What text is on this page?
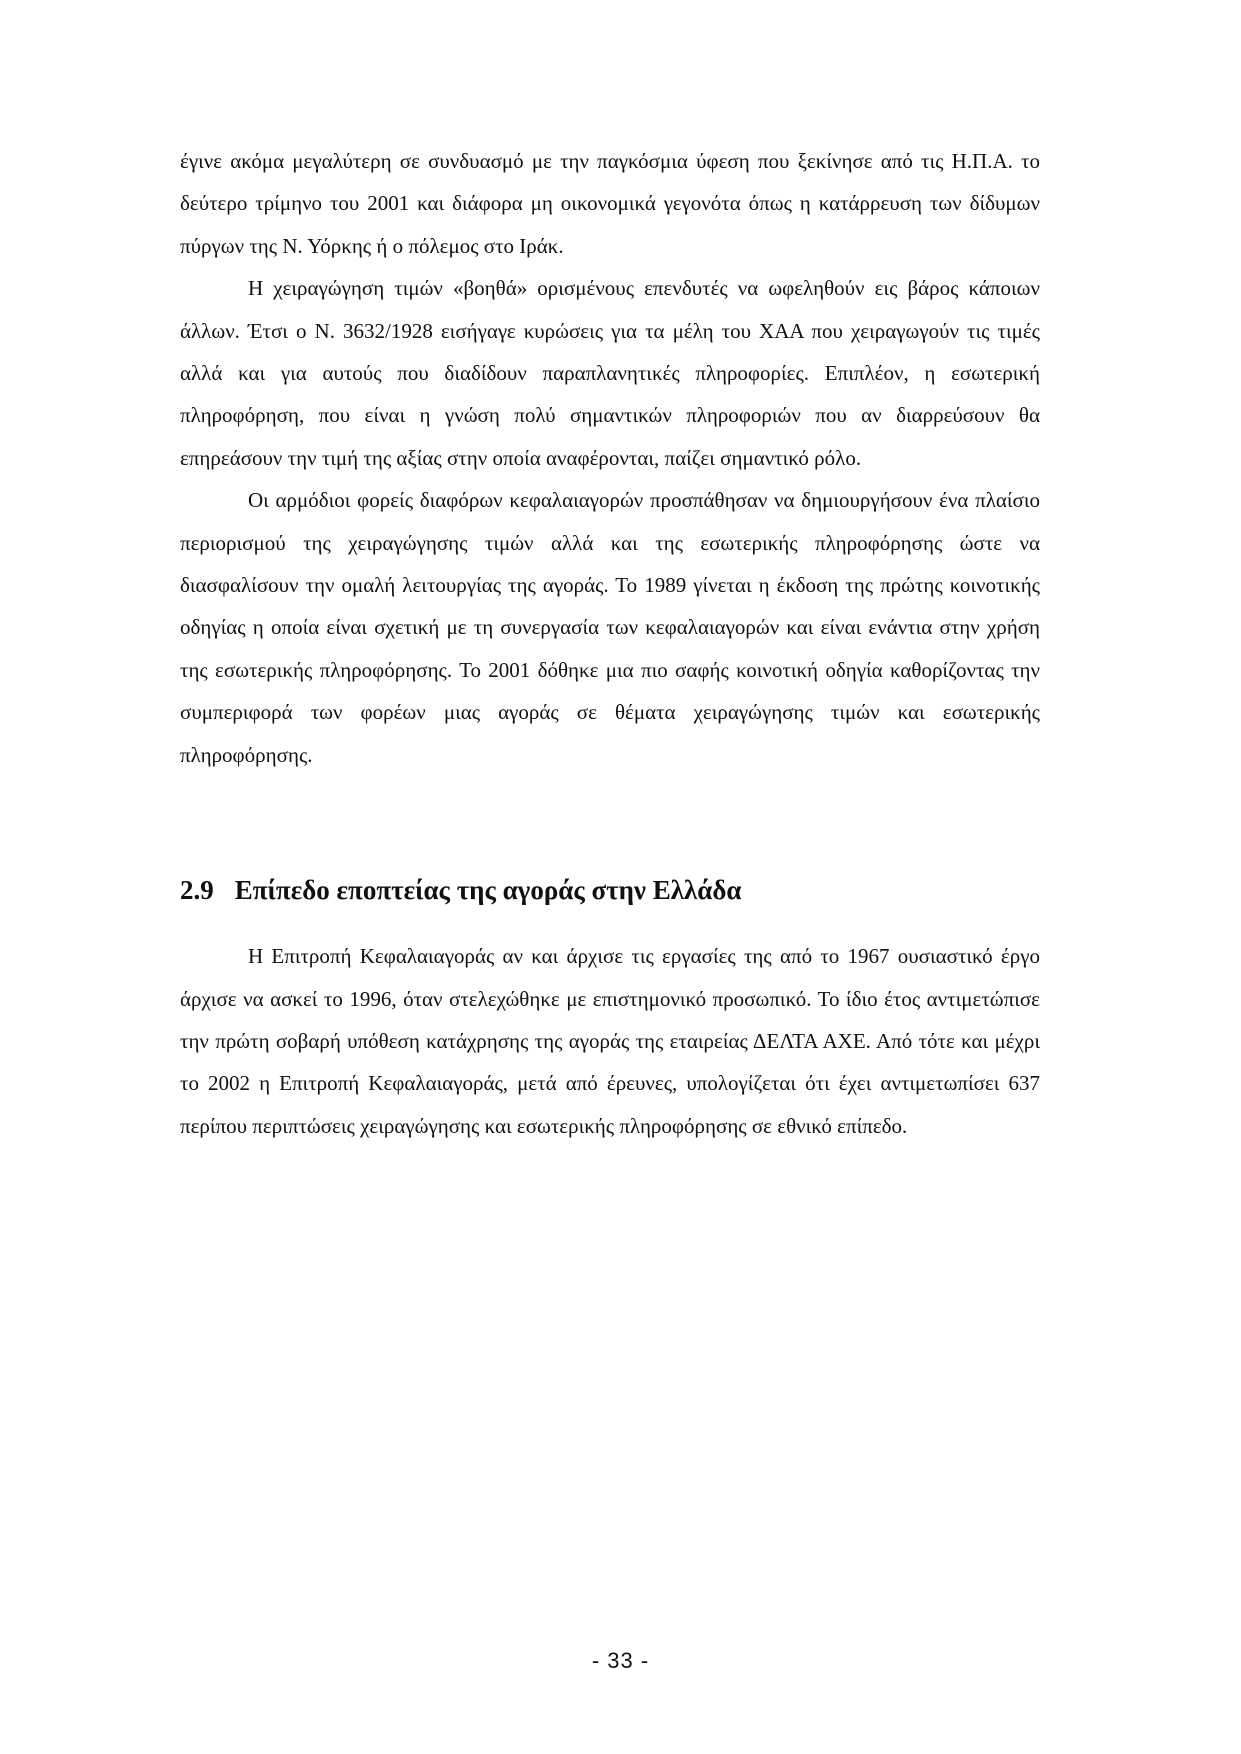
έγινε ακόμα μεγαλύτερη σε συνδυασμό με την παγκόσμια ύφεση που ξεκίνησε από τις Η.Π.Α. το δεύτερο τρίμηνο του 2001 και διάφορα μη οικονομικά γεγονότα όπως η κατάρρευση των δίδυμων πύργων της Ν. Υόρκης ή ο πόλεμος στο Ιράκ.

Η χειραγώγηση τιμών «βοηθά» ορισμένους επενδυτές να ωφεληθούν εις βάρος κάποιων άλλων. Έτσι ο Ν. 3632/1928 εισήγαγε κυρώσεις για τα μέλη του ΧΑΑ που χειραγωγούν τις τιμές αλλά και για αυτούς που διαδίδουν παραπλανητικές πληροφορίες. Επιπλέον, η εσωτερική πληροφόρηση, που είναι η γνώση πολύ σημαντικών πληροφοριών που αν διαρρεύσουν θα επηρεάσουν την τιμή της αξίας στην οποία αναφέρονται, παίζει σημαντικό ρόλο.

Οι αρμόδιοι φορείς διαφόρων κεφαλαιαγορών προσπάθησαν να δημιουργήσουν ένα πλαίσιο περιορισμού της χειραγώγησης τιμών αλλά και της εσωτερικής πληροφόρησης ώστε να διασφαλίσουν την ομαλή λειτουργίας της αγοράς. Το 1989 γίνεται η έκδοση της πρώτης κοινοτικής οδηγίας η οποία είναι σχετική με τη συνεργασία των κεφαλαιαγορών και είναι ενάντια στην χρήση της εσωτερικής πληροφόρησης. Το 2001 δόθηκε μια πιο σαφής κοινοτική οδηγία καθορίζοντας την συμπεριφορά των φορέων μιας αγοράς σε θέματα χειραγώγησης τιμών και εσωτερικής πληροφόρησης.

2.9 Επίπεδο εποπτείας της αγοράς στην Ελλάδα

Η Επιτροπή Κεφαλαιαγοράς αν και άρχισε τις εργασίες της από το 1967 ουσιαστικό έργο άρχισε να ασκεί το 1996, όταν στελεχώθηκε με επιστημονικό προσωπικό. Το ίδιο έτος αντιμετώπισε την πρώτη σοβαρή υπόθεση κατάχρησης της αγοράς της εταιρείας ΔΕΛΤΑ ΑΧΕ. Από τότε και μέχρι το 2002 η Επιτροπή Κεφαλαιαγοράς, μετά από έρευνες, υπολογίζεται ότι έχει αντιμετωπίσει 637 περίπου περιπτώσεις χειραγώγησης και εσωτερικής πληροφόρησης σε εθνικό επίπεδο.

- 33 -
